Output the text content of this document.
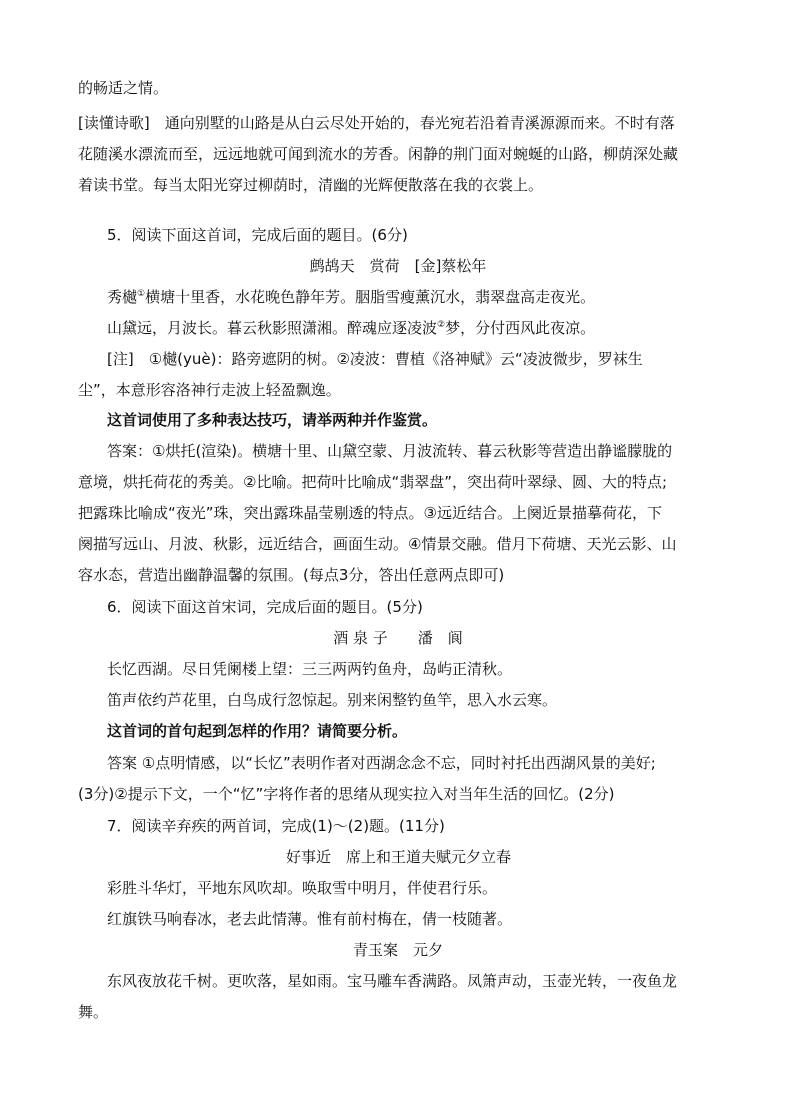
的畅适之情。
[读懂诗歌]　通向别墅的山路是从白云尽处开始的，春光宛若沿着青溪源源而来。不时有落
花随溪水漂流而至，远远地就可闻到流水的芳香。闲静的荆门面对蜿蜒的山路，柳荫深处藏
着读书堂。每当太阳光穿过柳荫时，清幽的光辉便散落在我的衣裳上。
5．阅读下面这首词，完成后面的题目。(6分)
鹧鸪天　赏荷　[金]蔡松年
秀樾①横塘十里香，水花晚色静年芳。胭脂雪瘦薰沉水，翡翠盘高走夜光。
山黛远，月波长。暮云秋影照潇湘。醉魂应逐凌波②梦，分付西风此夜凉。
[注]　①樾(yuè)：路旁遮阴的树。②凌波：曹植《洛神赋》云“凌波微步，罗袜生
尘”，本意形容洛神行走波上轻盈飘逸。
这首词使用了多种表达技巧，请举两种并作鉴赏。
答案：①烘托(渲染)。横塘十里、山黛空蒙、月波流转、暮云秋影等营造出静谧朦胧的
意境，烘托荷花的秀美。②比喻。把荷叶比喻成“翡翠盘”，突出荷叶翠绿、圆、大的特点;
把露珠比喻成“夜光”珠，突出露珠晶莹剔透的特点。③远近结合。上阕近景描摹荷花，下
阕描写远山、月波、秋影，远近结合，画面生动。④情景交融。借月下荷塘、天光云影、山
容水态，营造出幽静温馨的氛围。(每点3分，答出任意两点即可)
6．阅读下面这首宋词，完成后面的题目。(5分)
酒 泉 子　　潘　阆
长忆西湖。尽日凭阑楼上望：三三两两钓鱼舟，岛屿正清秋。
笛声依约芦花里，白鸟成行忽惊起。别来闲整钓鱼竿，思入水云寒。
这首词的首句起到怎样的作用？请简要分析。
答案 ①点明情感，以“长忆”表明作者对西湖念念不忘，同时衬托出西湖风景的美好;
(3分)②提示下文，一个“忆”字将作者的思绪从现实拉入对当年生活的回忆。(2分)
7．阅读辛弃疾的两首词，完成(1)～(2)题。(11分)
好事近　席上和王道夫赋元夕立春
彩胜斗华灯，平地东风吹却。唤取雪中明月，伴使君行乐。
红旗铁马响春冰，老去此情薄。惟有前村梅在，倩一枝随著。
青玉案　元夕
东风夜放花千树。更吹落，星如雨。宝马雕车香满路。凤箫声动，玉壶光转，一夜鱼龙
舞。
